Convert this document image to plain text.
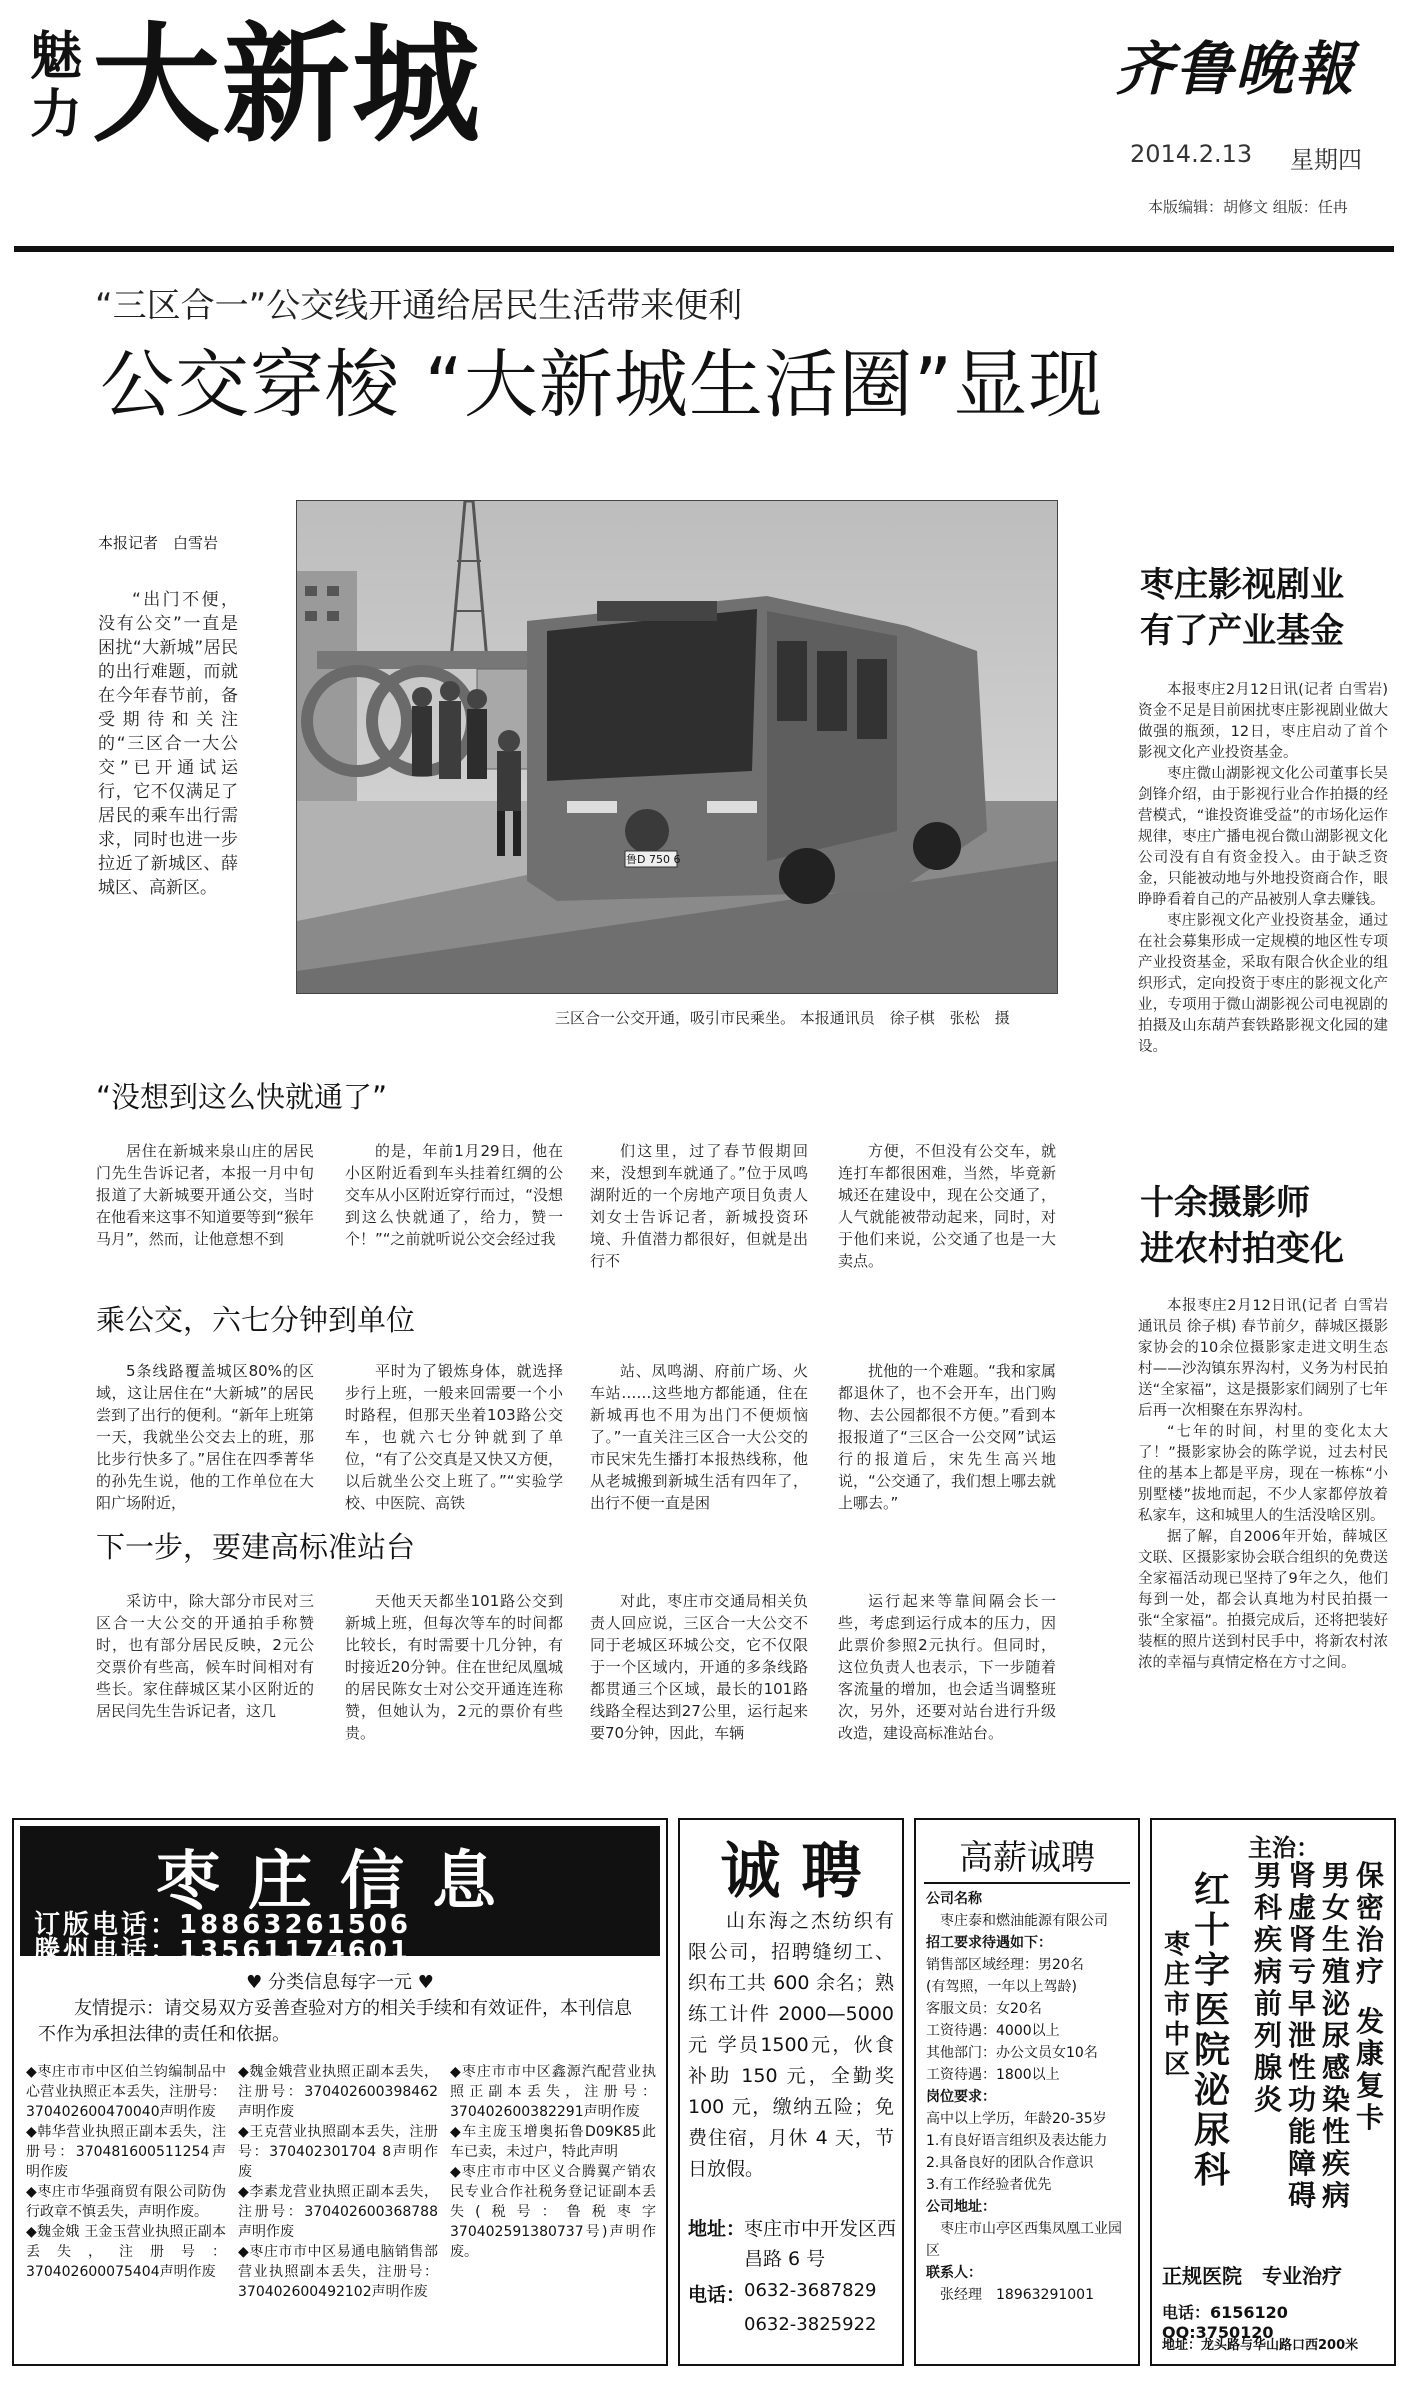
魅
力 大新城	齐鲁晚報
2014.2.13 星期四
本版编辑：胡修文 组版：任冉
“三区合一”公交线开通给居民生活带来便利
公交穿梭 “大新城生活圈”显现
本报记者　白雪岩
“出门不便，没有公交”一直是困扰“大新城”居民的出行难题，而就在今年春节前，备受期待和关注的“三区合一大公交”已开通试运行，它不仅满足了居民的乘车出行需求，同时也进一步拉近了新城区、薛城区、高新区。
鲁D 750 6
三区合一公交开通，吸引市民乘坐。 本报通讯员　徐子棋　张松　摄
“没想到这么快就通了”

居住在新城来泉山庄的居民门先生告诉记者，本报一月中旬报道了大新城要开通公交，当时在他看来这事不知道要等到“猴年马月”，然而，让他意想不到

的是，年前1月29日，他在小区附近看到车头挂着红绸的公交车从小区附近穿行而过，“没想到这么快就通了，给力，赞一个！”“之前就听说公交会经过我

们这里，过了春节假期回来，没想到车就通了。”位于凤鸣湖附近的一个房地产项目负责人刘女士告诉记者，新城投资环境、升值潜力都很好，但就是出行不

方便，不但没有公交车，就连打车都很困难，当然，毕竟新城还在建设中，现在公交通了，人气就能被带动起来，同时，对于他们来说，公交通了也是一大卖点。

乘公交，六七分钟到单位

5条线路覆盖城区80%的区域，这让居住在“大新城”的居民尝到了出行的便利。“新年上班第一天，我就坐公交去上的班，那比步行快多了。”居住在四季菁华的孙先生说，他的工作单位在大阳广场附近，

平时为了锻炼身体，就选择步行上班，一般来回需要一个小时路程，但那天坐着103路公交车，也就六七分钟就到了单位，“有了公交真是又快又方便，以后就坐公交上班了。”“实验学校、中医院、高铁

站、凤鸣湖、府前广场、火车站……这些地方都能通，住在新城再也不用为出门不便烦恼了。”一直关注三区合一大公交的市民宋先生播打本报热线称，他从老城搬到新城生活有四年了，出行不便一直是困

扰他的一个难题。“我和家属都退休了，也不会开车，出门购物、去公园都很不方便。”看到本报报道了“三区合一公交网”试运行的报道后，宋先生高兴地说，“公交通了，我们想上哪去就上哪去。”

下一步，要建高标准站台

采访中，除大部分市民对三区合一大公交的开通拍手称赞时，也有部分居民反映，2元公交票价有些高，候车时间相对有些长。家住薛城区某小区附近的居民闫先生告诉记者，这几

天他天天都坐101路公交到新城上班，但每次等车的时间都比较长，有时需要十几分钟，有时接近20分钟。住在世纪凤凰城的居民陈女士对公交开通连连称赞，但她认为，2元的票价有些贵。

对此，枣庄市交通局相关负责人回应说，三区合一大公交不同于老城区环城公交，它不仅限于一个区域内，开通的多条线路都贯通三个区域，最长的101路线路全程达到27公里，运行起来要70分钟，因此，车辆

运行起来等靠间隔会长一些，考虑到运行成本的压力，因此票价参照2元执行。但同时，这位负责人也表示，下一步随着客流量的增加，也会适当调整班次，另外，还要对站台进行升级改造，建设高标准站台。

枣庄影视剧业
有了产业基金

本报枣庄2月12日讯(记者 白雪岩) 资金不足是目前困扰枣庄影视剧业做大做强的瓶颈，12日，枣庄启动了首个影视文化产业投资基金。

枣庄微山湖影视文化公司董事长吴剑锋介绍，由于影视行业合作拍摄的经营模式，“谁投资谁受益”的市场化运作规律，枣庄广播电视台微山湖影视文化公司没有自有资金投入。由于缺乏资金，只能被动地与外地投资商合作，眼睁睁看着自己的产品被别人拿去赚钱。

枣庄影视文化产业投资基金，通过在社会募集形成一定规模的地区性专项产业投资基金，采取有限合伙企业的组织形式，定向投资于枣庄的影视文化产业，专项用于微山湖影视公司电视剧的拍摄及山东葫芦套铁路影视文化园的建设。

十余摄影师
进农村拍变化

本报枣庄2月12日讯(记者 白雪岩 通讯员 徐子棋) 春节前夕，薛城区摄影家协会的10余位摄影家走进文明生态村——沙沟镇东界沟村，义务为村民拍送“全家福”，这是摄影家们阔别了七年后再一次相聚在东界沟村。

“七年的时间，村里的变化太大了！”摄影家协会的陈学说，过去村民住的基本上都是平房，现在一栋栋“小别墅楼”拔地而起，不少人家都停放着私家车，这和城里人的生活没啥区别。

据了解，自2006年开始，薛城区文联、区摄影家协会联合组织的免费送全家福活动现已坚持了9年之久，他们每到一处，都会认真地为村民拍摄一张“全家福”。拍摄完成后，还将把装好装框的照片送到村民手中，将新农村浓浓的幸福与真情定格在方寸之间。

枣庄信息
订版电话：18863261506
滕州电话：13561174601
♥ 分类信息每字一元 ♥
友情提示：请交易双方妥善查验对方的相关手续和有效证件，本刊信息不作为承担法律的责任和依据。
◆枣庄市市中区伯兰钧编制品中心营业执照正本丢失，注册号：370402600470040声明作废
◆韩华营业执照正副本丢失，注册号：370481600511254声明作废
◆枣庄市华强商贸有限公司防伪行政章不慎丢失，声明作废。
◆魏金娥 王金玉营业执照正副本丢失，注册号：370402600075404声明作废
◆魏金娥营业执照正副本丢失，注册号：370402600398462声明作废
◆王克营业执照副本丢失，注册号：370402301704 8声明作废
◆李素龙营业执照正副本丢失，注册号：370402600368788声明作废
◆枣庄市市中区易通电脑销售部营业执照副本丢失，注册号：370402600492102声明作废
◆枣庄市市中区鑫源汽配营业执照正副本丢失，注册号：370402600382291声明作废
◆车主庞玉增奥拓鲁D09K85此车已卖，未过户，特此声明
◆枣庄市市中区义合腾翼产销农民专业合作社税务登记证副本丢失(税号：鲁税枣字370402591380737号)声明作废。
诚 聘
山东海之杰纺织有限公司，招聘缝纫工、织布工共 600 余名；熟练工计件 2000—5000元 学员1500元，伙食补助 150 元，全勤奖 100 元，缴纳五险；免费住宿，月休 4 天，节日放假。
地址：
枣庄市中开发区西昌路 6 号
电话：
0632-3687829
0632-3825922
高薪诚聘
公司名称
枣庄泰和燃油能源有限公司
招工要求待遇如下：
销售部区域经理：男20名
(有驾照，一年以上驾龄)
客服文员：女20名
工资待遇：4000以上
其他部门：办公文员女10名
工资待遇：1800以上
岗位要求：
高中以上学历，年龄20-35岁
1.有良好语言组织及表达能力
2.具备良好的团队合作意识
3.有工作经验者优先
公司地址：
枣庄市山亭区西集凤凰工业园区
联系人：
张经理　18963291001
主治：
保密治疗
男女生殖泌尿感染性疾病
发康复卡
肾虚肾亏 早泄 性功能障碍
男科疾病 前列腺炎
红十字医院泌尿科
枣庄市中区
正规医院　专业治疗
电话：6156120 QQ:3750120
地址：龙头路与华山路口西200米
